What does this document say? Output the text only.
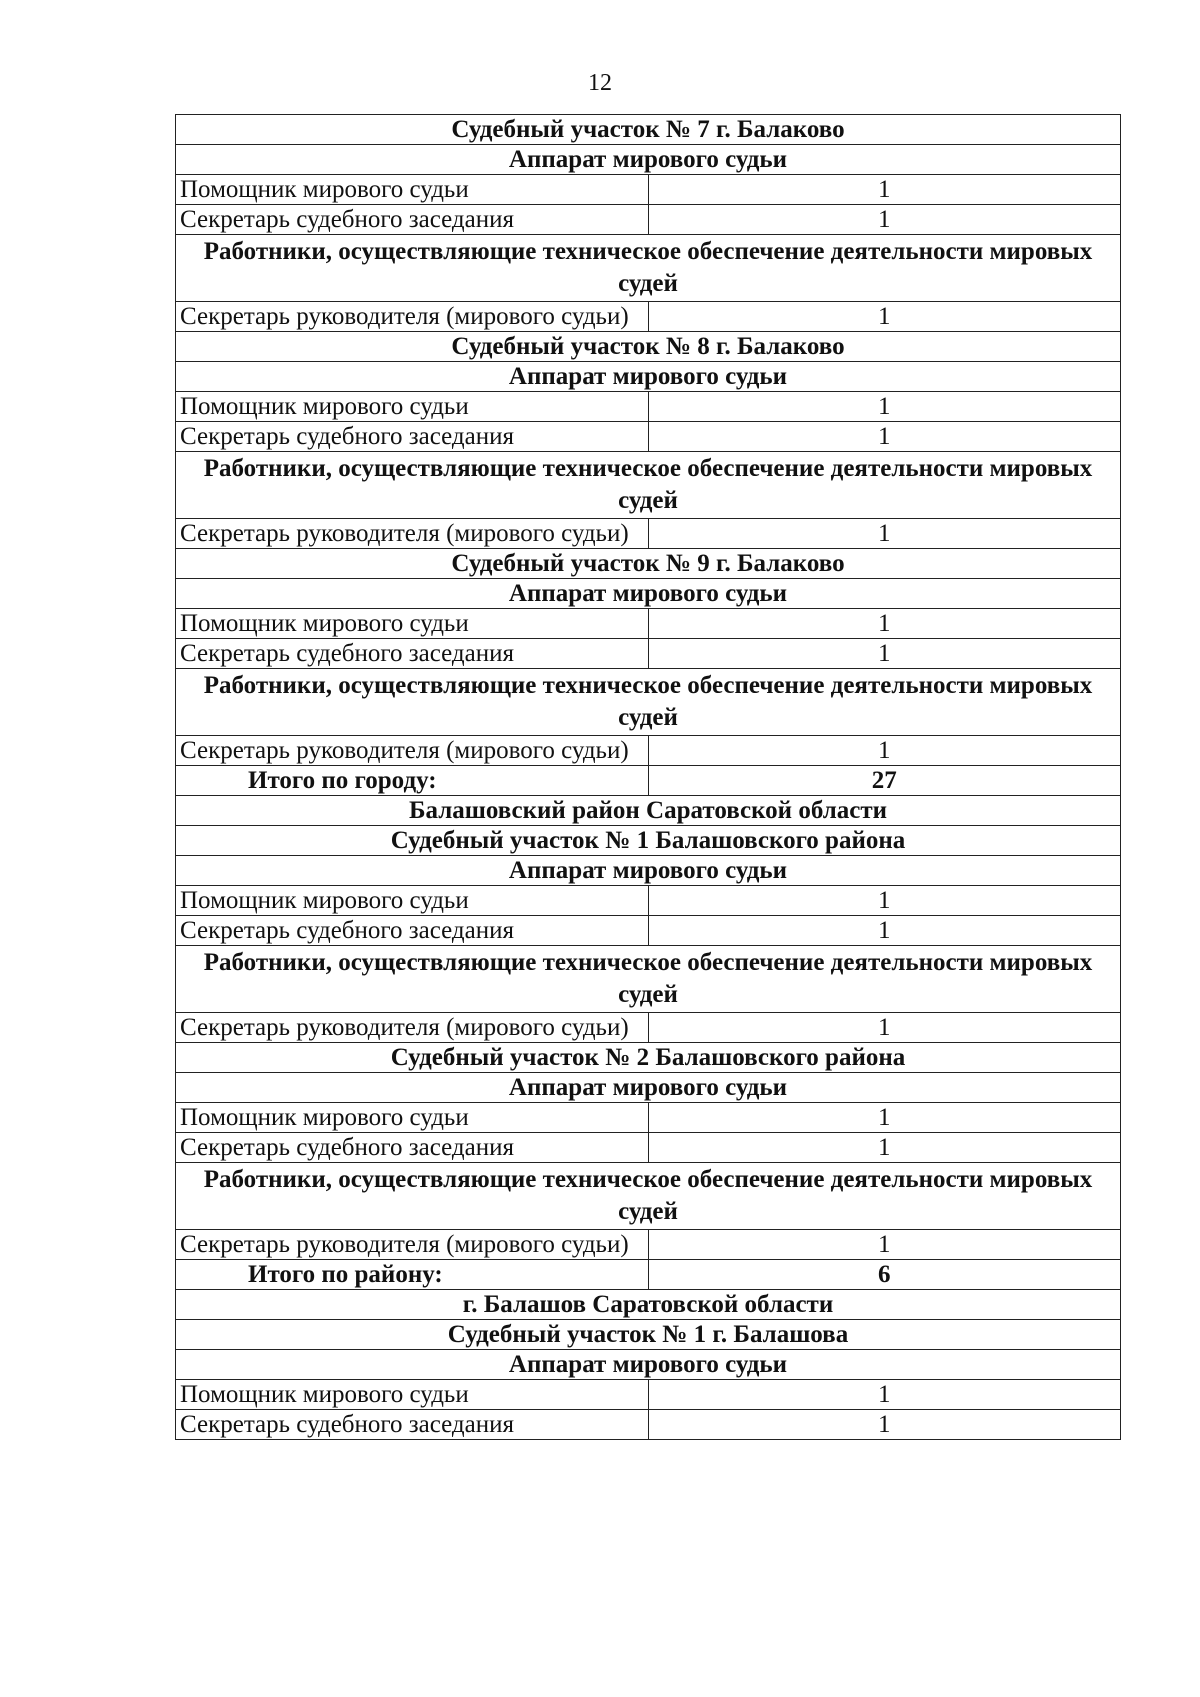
12
Судебный участок № 7 г. Балаково	
Аппарат мирового судьи	
Помощник мирового судьи	1
Секретарь судебного заседания	1
Работники, осуществляющие техническое обеспечение деятельности мировых судей	
Секретарь руководителя (мирового судьи)	1
Судебный участок № 8 г. Балаково	
Аппарат мирового судьи	
Помощник мирового судьи	1
Секретарь судебного заседания	1
Работники, осуществляющие техническое обеспечение деятельности мировых судей	
Секретарь руководителя (мирового судьи)	1
Судебный участок № 9 г. Балаково	
Аппарат мирового судьи	
Помощник мирового судьи	1
Секретарь судебного заседания	1
Работники, осуществляющие техническое обеспечение деятельности мировых судей	
Секретарь руководителя (мирового судьи)	1
Итого по городу:	27
Балашовский район Саратовской области	
Судебный участок № 1 Балашовского района	
Аппарат мирового судьи	
Помощник мирового судьи	1
Секретарь судебного заседания	1
Работники, осуществляющие техническое обеспечение деятельности мировых судей	
Секретарь руководителя (мирового судьи)	1
Судебный участок № 2 Балашовского района	
Аппарат мирового судьи	
Помощник мирового судьи	1
Секретарь судебного заседания	1
Работники, осуществляющие техническое обеспечение деятельности мировых судей	
Секретарь руководителя (мирового судьи)	1
Итого по району:	6
г. Балашов Саратовской области	
Судебный участок № 1 г. Балашова	
Аппарат мирового судьи	
Помощник мирового судьи	1
Секретарь судебного заседания	1
